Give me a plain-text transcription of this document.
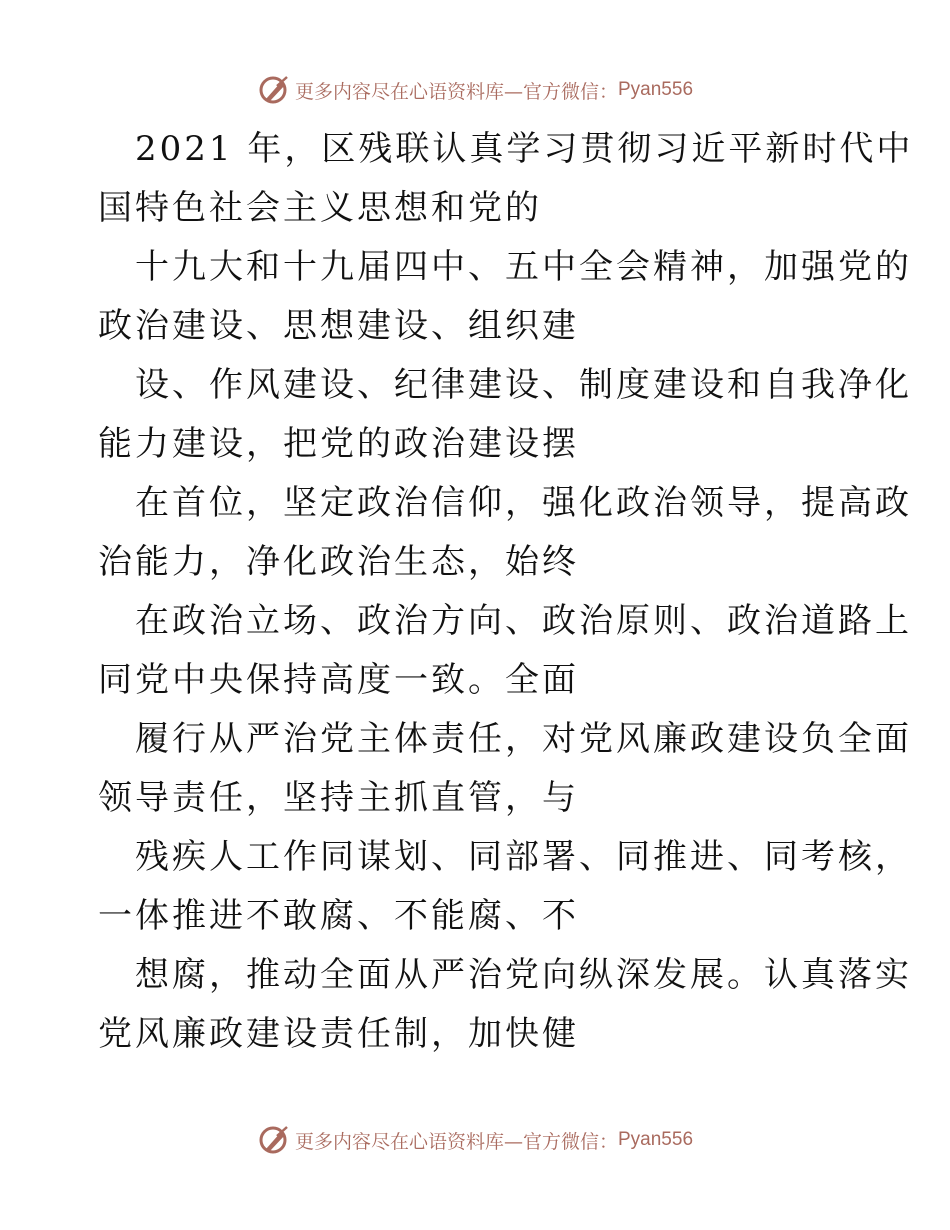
更多内容尽在心语资料库—官方微信： Pyan556
2021 年，区残联认真学习贯彻习近平新时代中
国特色社会主义思想和党的
十九大和十九届四中、五中全会精神，加强党的
政治建设、思想建设、组织建
设、作风建设、纪律建设、制度建设和自我净化
能力建设，把党的政治建设摆
在首位，坚定政治信仰，强化政治领导，提高政
治能力，净化政治生态，始终
在政治立场、政治方向、政治原则、政治道路上
同党中央保持高度一致。全面
履行从严治党主体责任，对党风廉政建设负全面
领导责任，坚持主抓直管，与
残疾人工作同谋划、同部署、同推进、同考核，
一体推进不敢腐、不能腐、不
想腐，推动全面从严治党向纵深发展。认真落实
党风廉政建设责任制，加快健
更多内容尽在心语资料库—官方微信： Pyan556
